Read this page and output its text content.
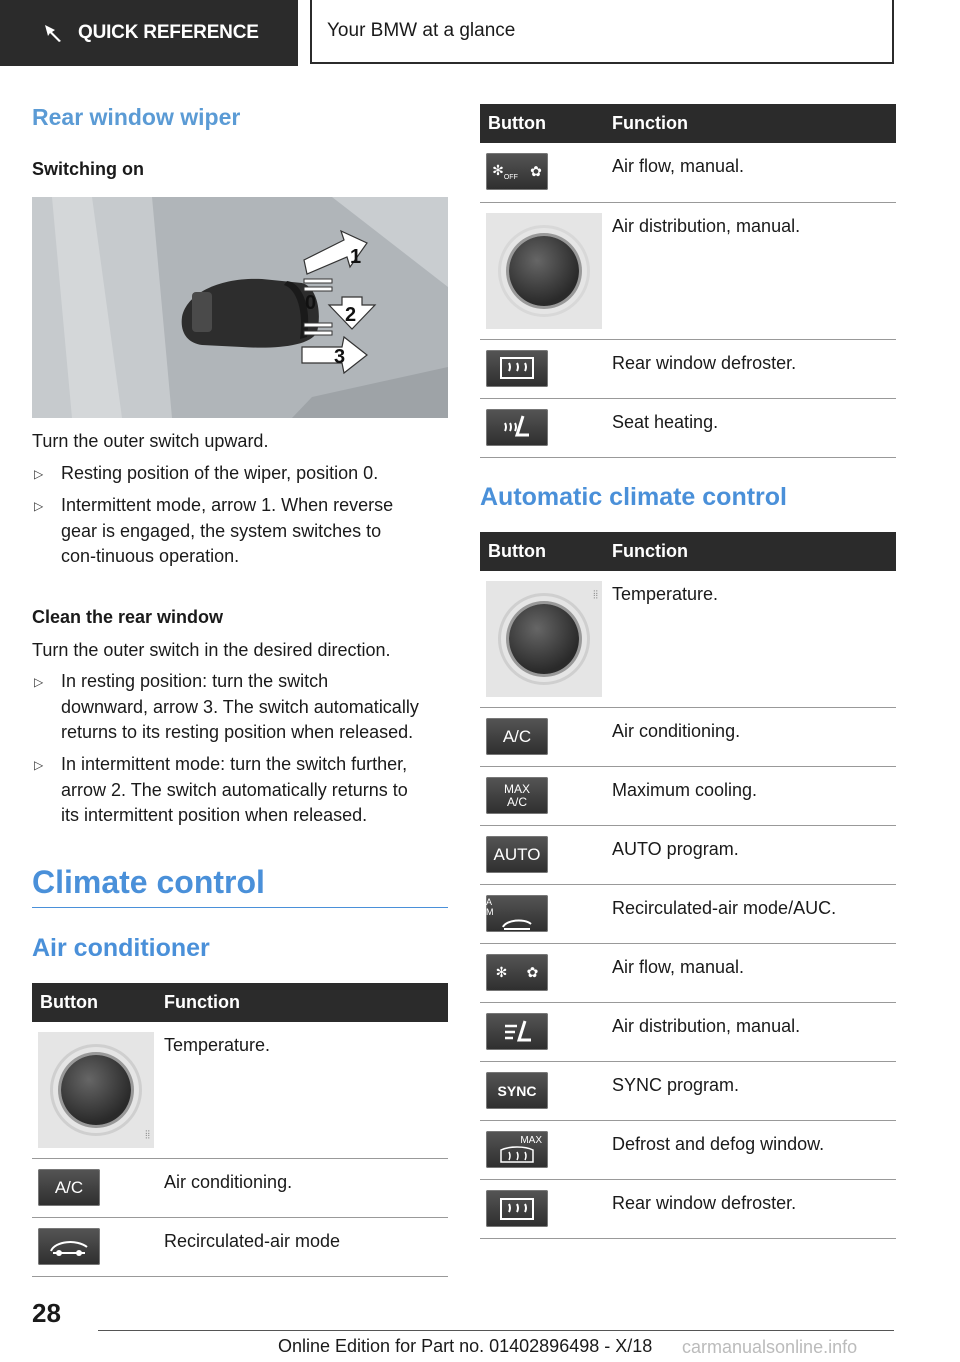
QUICK REFERENCE	Your BMW at a glance
Rear window wiper

Switching on

1
0
2
3

Turn the outer switch upward.

▷ Resting position of the wiper, position 0.
▷ Intermittent mode, arrow 1. When reverse gear is engaged, the system switches to con‐tinuous operation.

Clean the rear window

Turn the outer switch in the desired direction.

▷ In resting position: turn the switch downward, arrow 3. The switch automatically returns to its resting position when released.
▷ In intermittent mode: turn the switch further, arrow 2. The switch automatically returns to its intermittent position when released.
Climate control
Air conditioner
Button	Function

⦙⦙	Temperature.

A/C	Air conditioning.

	Recirculated-air mode
Button	Function

$✻_{OFF}$ ✿	Air flow, manual.

	Air distribution, manual.

	Rear window defroster.

	Seat heating.
Automatic climate control
Button	Function

⦙⦙	Temperature.

A/C	Air conditioning.

MAX A/C	Maximum cooling.

AUTO	AUTO program.

A M	Recirculated-air mode/AUC.

✻ ✿	Air flow, manual.

	Air distribution, manual.

SYNC	SYNC program.

MAX	Defrost and defog window.

	Rear window defroster.
28
Online Edition for Part no. 01402896498 - X/18 carmanualsonline.info
